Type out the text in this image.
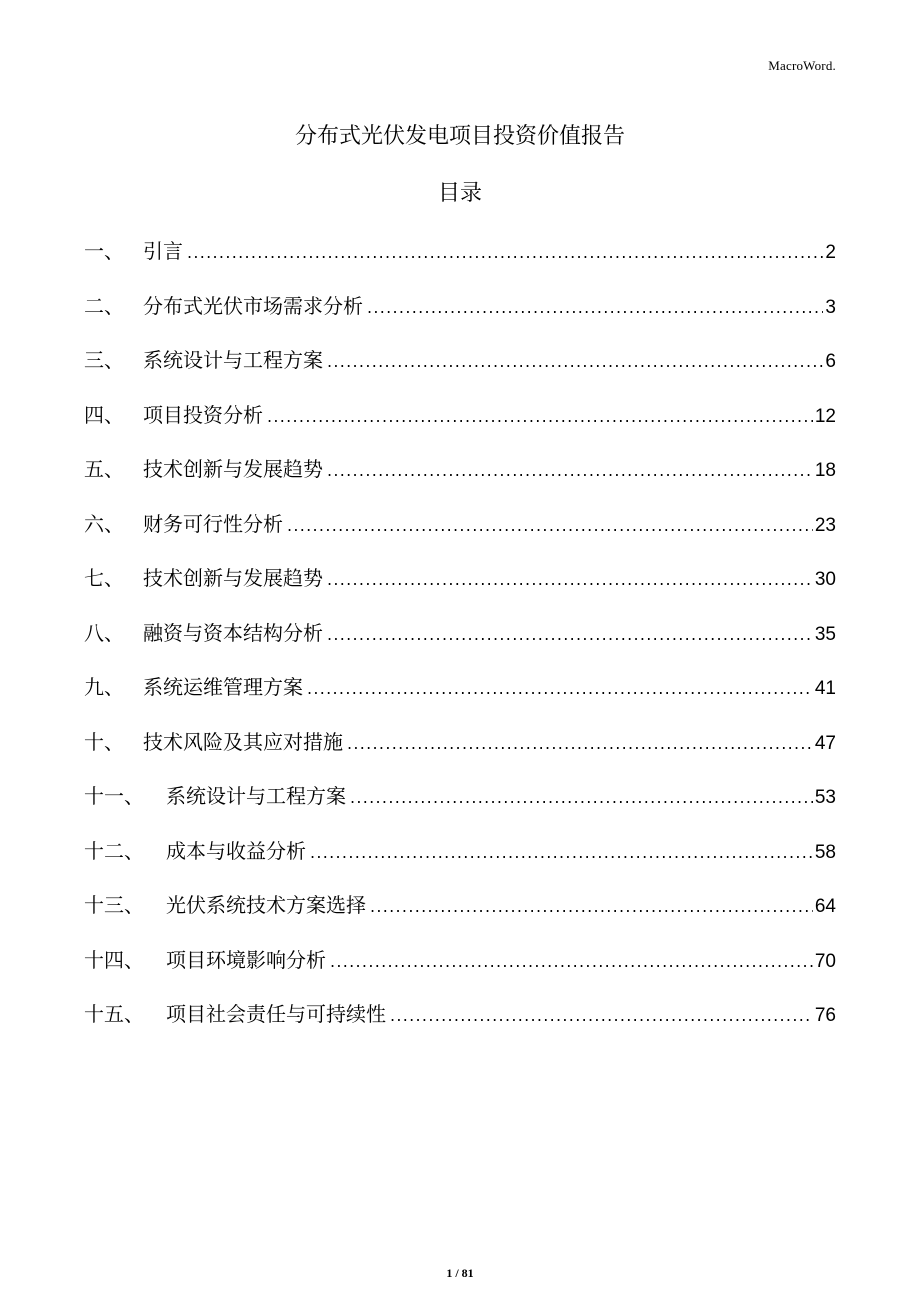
MacroWord.
分布式光伏发电项目投资价值报告
目录
一、 引言 .....	2
二、 分布式光伏市场需求分析 .....	3
三、 系统设计与工程方案 .....	6
四、 项目投资分析 .....	12
五、 技术创新与发展趋势 .....	18
六、 财务可行性分析 .....	23
七、 技术创新与发展趋势 .....	30
八、 融资与资本结构分析 .....	35
九、 系统运维管理方案 .....	41
十、 技术风险及其应对措施 .....	47
十一、	系统设计与工程方案 .....	53
十二、	成本与收益分析 .....	58
十三、	光伏系统技术方案选择 .....	64
十四、	项目环境影响分析 .....	70
十五、	项目社会责任与可持续性 .....	76
1 / 81
